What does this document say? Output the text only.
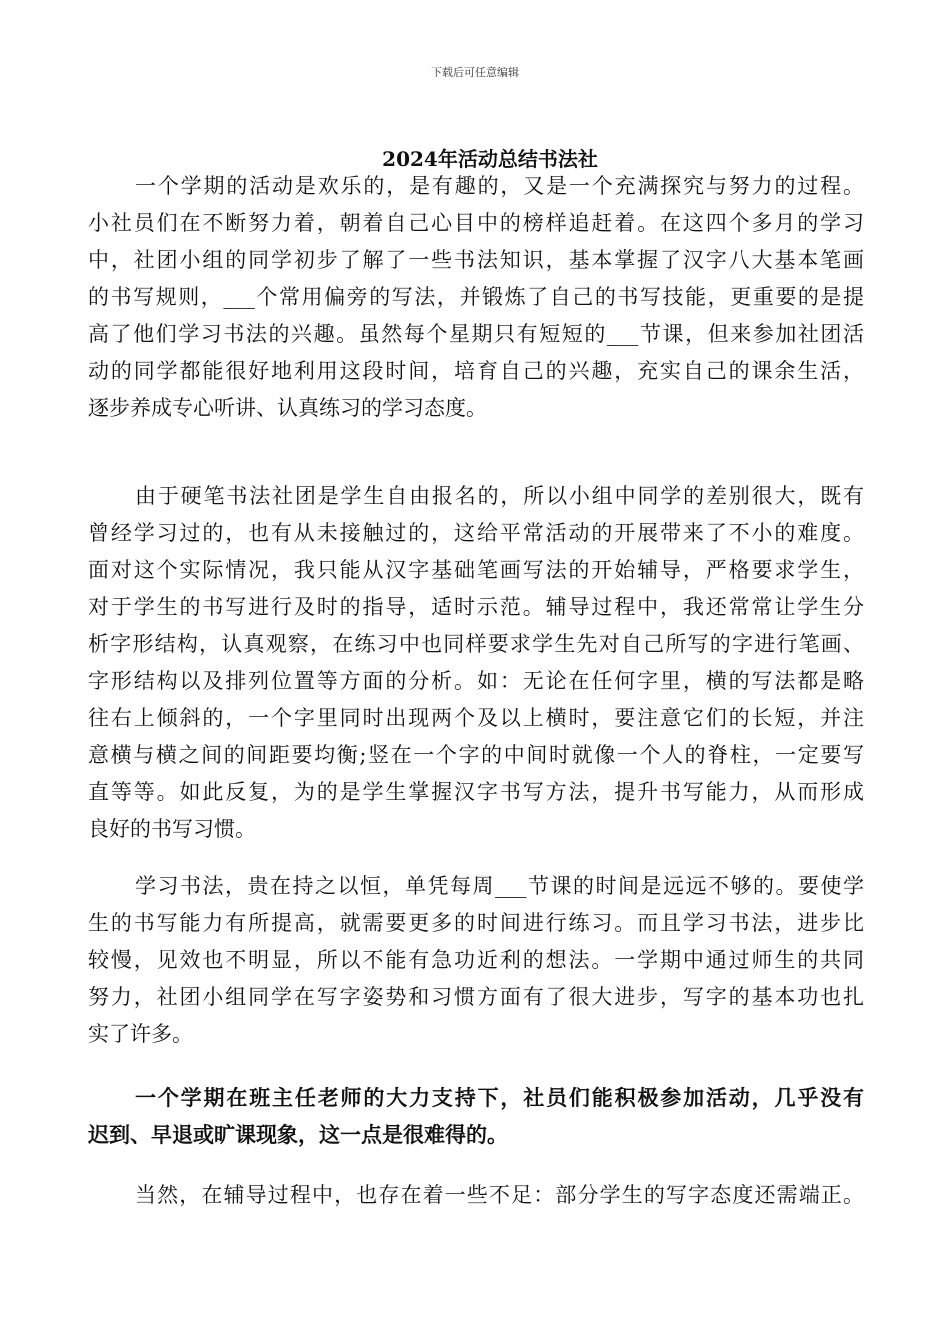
下载后可任意编辑
2024年活动总结书法社
一个学期的活动是欢乐的，是有趣的，又是一个充满探究与努力的过程。
小社员们在不断努力着，朝着自己心目中的榜样追赶着。在这四个多月的学习
中，社团小组的同学初步了解了一些书法知识，基本掌握了汉字八大基本笔画
的书写规则，___个常用偏旁的写法，并锻炼了自己的书写技能，更重要的是提
高了他们学习书法的兴趣。虽然每个星期只有短短的___节课，但来参加社团活
动的同学都能很好地利用这段时间，培育自己的兴趣，充实自己的课余生活，
逐步养成专心听讲、认真练习的学习态度。
由于硬笔书法社团是学生自由报名的，所以小组中同学的差别很大，既有
曾经学习过的，也有从未接触过的，这给平常活动的开展带来了不小的难度。
面对这个实际情况，我只能从汉字基础笔画写法的开始辅导，严格要求学生，
对于学生的书写进行及时的指导，适时示范。辅导过程中，我还常常让学生分
析字形结构，认真观察，在练习中也同样要求学生先对自己所写的字进行笔画、
字形结构以及排列位置等方面的分析。如：无论在任何字里，横的写法都是略
往右上倾斜的，一个字里同时出现两个及以上横时，要注意它们的长短，并注
意横与横之间的间距要均衡;竖在一个字的中间时就像一个人的脊柱，一定要写
直等等。如此反复，为的是学生掌握汉字书写方法，提升书写能力，从而形成
良好的书写习惯。
学习书法，贵在持之以恒，单凭每周___节课的时间是远远不够的。要使学
生的书写能力有所提高，就需要更多的时间进行练习。而且学习书法，进步比
较慢，见效也不明显，所以不能有急功近利的想法。一学期中通过师生的共同
努力，社团小组同学在写字姿势和习惯方面有了很大进步，写字的基本功也扎
实了许多。
一个学期在班主任老师的大力支持下，社员们能积极参加活动，几乎没有
迟到、早退或旷课现象，这一点是很难得的。
当然，在辅导过程中，也存在着一些不足：部分学生的写字态度还需端正。
